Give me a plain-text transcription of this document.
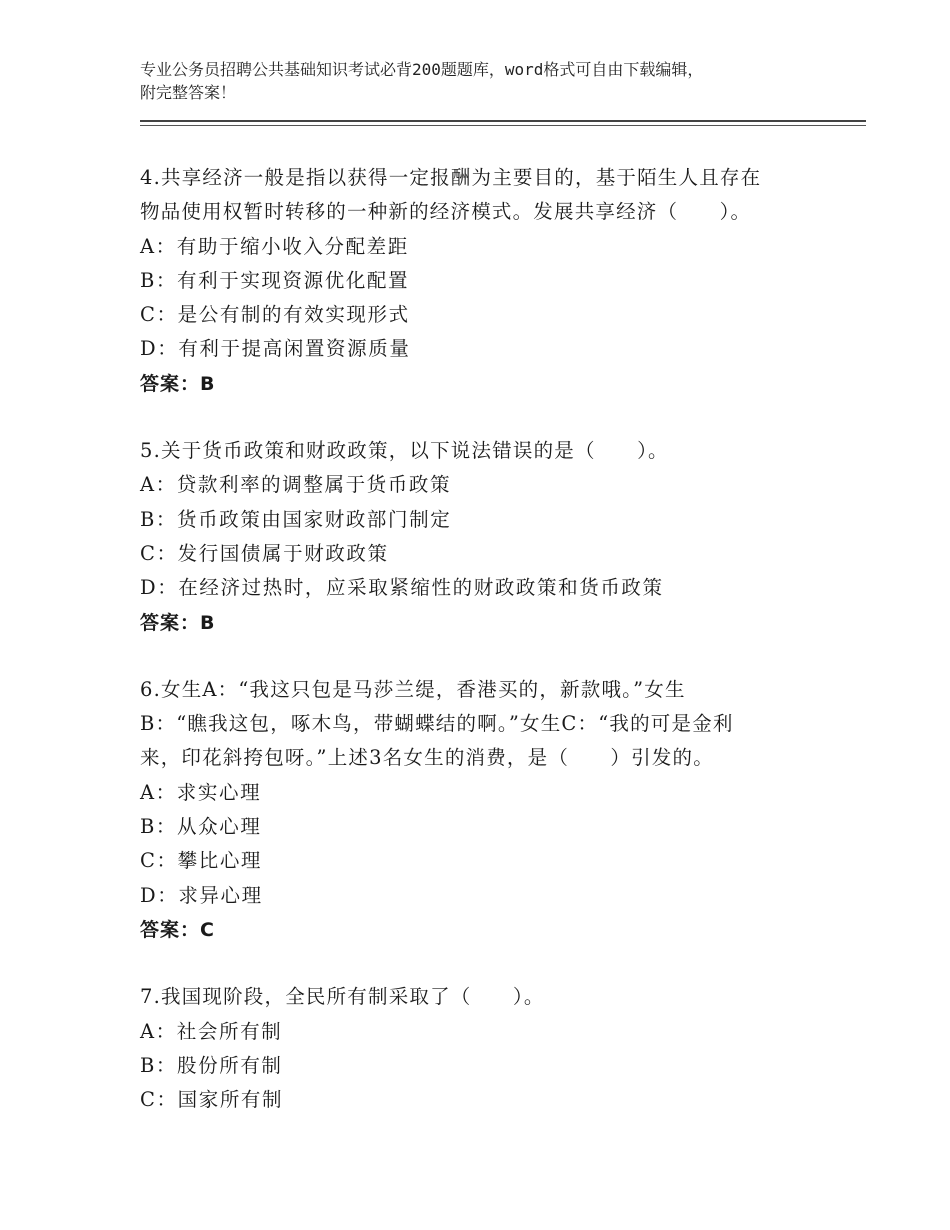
专业公务员招聘公共基础知识考试必背200题题库，word格式可自由下载编辑，
附完整答案！

4.共享经济一般是指以获得一定报酬为主要目的，基于陌生人且存在

物品使用权暂时转移的一种新的经济模式。发展共享经济（　　）。

A：有助于缩小收入分配差距

B：有利于实现资源优化配置

C：是公有制的有效实现形式

D：有利于提高闲置资源质量

答案：B

5.关于货币政策和财政政策，以下说法错误的是（　　）。

A：贷款利率的调整属于货币政策

B：货币政策由国家财政部门制定

C：发行国债属于财政政策

D：在经济过热时，应采取紧缩性的财政政策和货币政策

答案：B

6.女生A：“我这只包是马莎兰缇，香港买的，新款哦。”女生

B：“瞧我这包，啄木鸟，带蝴蝶结的啊。”女生C：“我的可是金利

来，印花斜挎包呀。”上述3名女生的消费，是（　　）引发的。

A：求实心理

B：从众心理

C：攀比心理

D：求异心理

答案：C

7.我国现阶段，全民所有制采取了（　　）。

A：社会所有制

B：股份所有制

C：国家所有制
